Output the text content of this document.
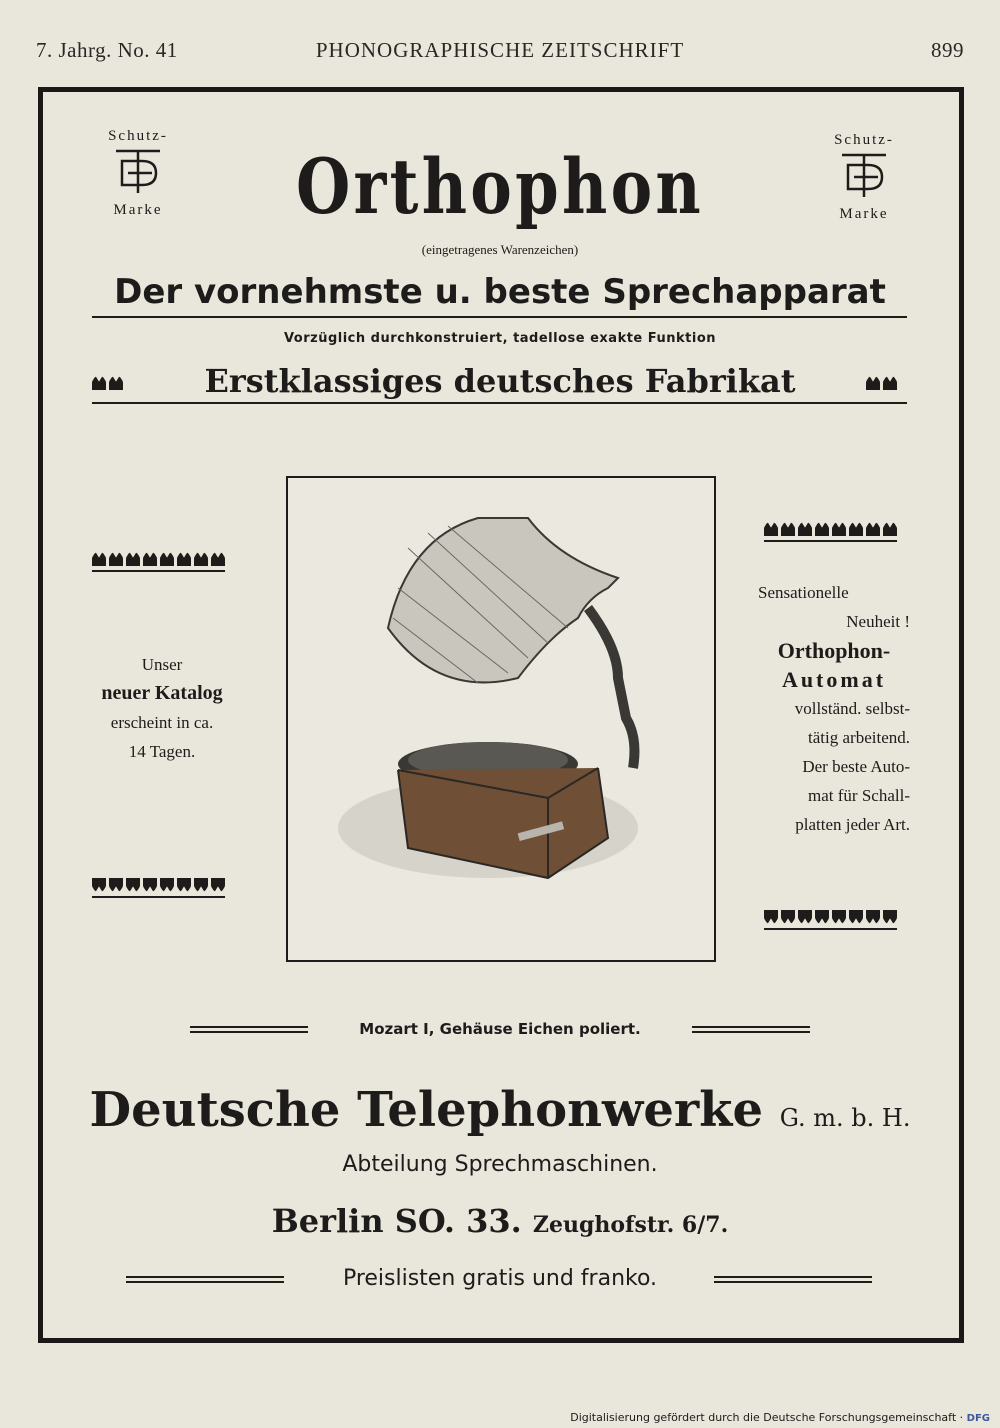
PHONOGRAPHISCHE ZEITSCHRIFT
7. Jahrg. No. 41	899
Schutz-
Marke
Schutz-
Marke
Orthophon
(eingetragenes Warenzeichen)
Der vornehmste u. beste Sprechapparat
Vorzüglich durchkonstruiert, tadellose exakte Funktion
Erstklassiges deutsches Fabrikat
Unser
neuer Katalog
erscheint in ca.
14 Tagen.
Sensationelle
Neuheit !
Orthophon-
Automat
vollständ. selbst-
tätig arbeitend.
Der beste Auto-
mat für Schall-
platten jeder Art.
Mozart I, Gehäuse Eichen poliert.
Deutsche Telephonwerke G. m. b. H.
Abteilung Sprechmaschinen.
Berlin SO. 33. Zeughofstr. 6/7.
Preislisten gratis und franko.
Digitalisierung gefördert durch die Deutsche Forschungsgemeinschaft · DFG
